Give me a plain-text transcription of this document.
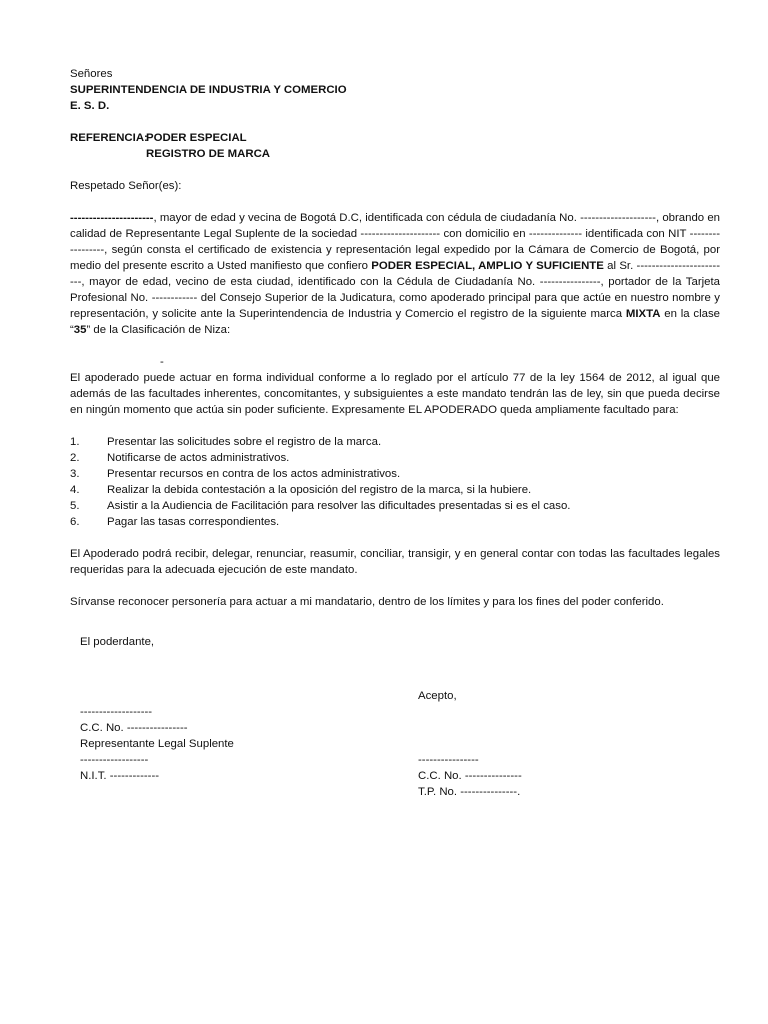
Señores
SUPERINTENDENCIA DE INDUSTRIA Y COMERCIO
E. S. D.
REFERENCIA:
PODER ESPECIAL
REGISTRO DE MARCA
Respetado Señor(es):
----------------------, mayor de edad y vecina de Bogotá D.C, identificada con cédula de ciudadanía No. --------------------, obrando en calidad de Representante Legal Suplente de la sociedad --------------------- con domicilio en -------------- identificada con NIT -----------------, según consta el certificado de existencia y representación legal expedido por la Cámara de Comercio de Bogotá, por medio del presente escrito a Usted manifiesto que confiero PODER ESPECIAL, AMPLIO Y SUFICIENTE al Sr. -------------------------, mayor de edad, vecino de esta ciudad, identificado con la Cédula de Ciudadanía No. ----------------, portador de la Tarjeta Profesional No. ------------ del Consejo Superior de la Judicatura, como apoderado principal para que actúe en nuestro nombre y representación, y solicite ante la Superintendencia de Industria y Comercio el registro de la siguiente marca MIXTA en la clase “35” de la Clasificación de Niza:
-
El apoderado puede actuar en forma individual conforme a lo reglado por el artículo 77 de la ley 1564 de 2012, al igual que además de las facultades inherentes, concomitantes, y subsiguientes a este mandato tendrán las de ley, sin que pueda decirse en ningún momento que actúa sin poder suficiente. Expresamente EL APODERADO queda ampliamente facultado para:
1.	Presentar las solicitudes sobre el registro de la marca.
2.	Notificarse de actos administrativos.
3.	Presentar recursos en contra de los actos administrativos.
4.	Realizar la debida contestación a la oposición del registro de la marca, si la hubiere.
5.	Asistir a la Audiencia de Facilitación para resolver las dificultades presentadas si es el caso.
6.	Pagar las tasas correspondientes.
El Apoderado podrá recibir, delegar, renunciar, reasumir, conciliar, transigir, y en general contar con todas las facultades legales requeridas para la adecuada ejecución de este mandato.
Sírvanse reconocer personería para actuar a mi mandatario, dentro de los límites y para los fines del poder conferido.
El poderdante,
-------------------
C.C. No. ----------------
Representante Legal Suplente
------------------
N.I.T. -------------
Acepto,
----------------
C.C. No. ---------------
T.P. No. ---------------.
